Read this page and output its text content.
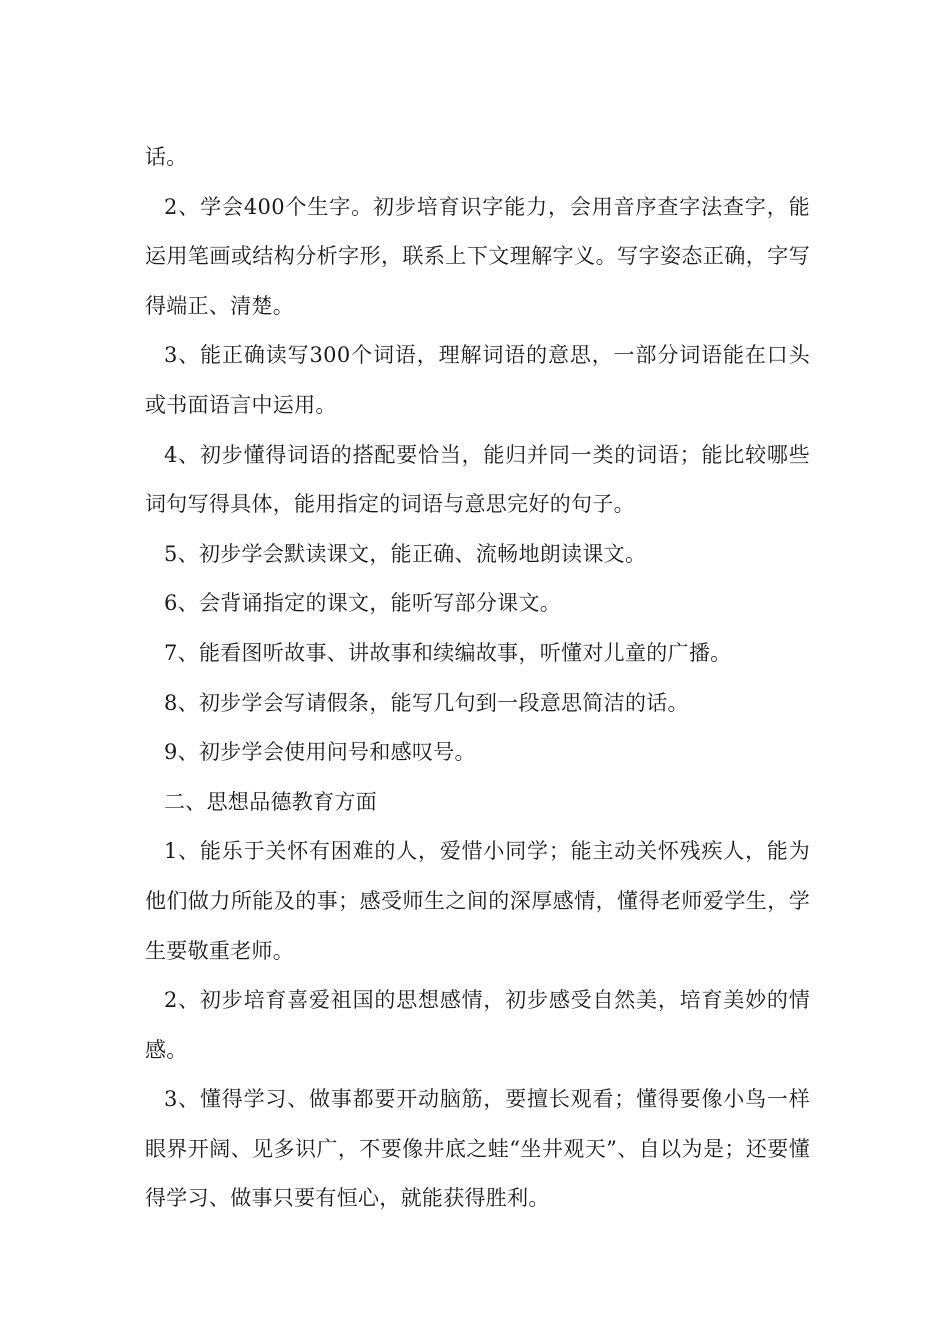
话。

2、学会400个生字。初步培育识字能力，会用音序查字法查字，能运用笔画或结构分析字形，联系上下文理解字义。写字姿态正确，字写得端正、清楚。

3、能正确读写300个词语，理解词语的意思，一部分词语能在口头或书面语言中运用。

4、初步懂得词语的搭配要恰当，能归并同一类的词语；能比较哪些词句写得具体，能用指定的词语与意思完好的句子。

5、初步学会默读课文，能正确、流畅地朗读课文。

6、会背诵指定的课文，能听写部分课文。

7、能看图听故事、讲故事和续编故事，听懂对儿童的广播。

8、初步学会写请假条，能写几句到一段意思简洁的话。

9、初步学会使用问号和感叹号。

二、思想品德教育方面

1、能乐于关怀有困难的人，爱惜小同学；能主动关怀残疾人，能为他们做力所能及的事；感受师生之间的深厚感情，懂得老师爱学生，学生要敬重老师。

2、初步培育喜爱祖国的思想感情，初步感受自然美，培育美妙的情感。

3、懂得学习、做事都要开动脑筋，要擅长观看；懂得要像小鸟一样眼界开阔、见多识广，不要像井底之蛙“坐井观天”、自以为是；还要懂得学习、做事只要有恒心，就能获得胜利。
